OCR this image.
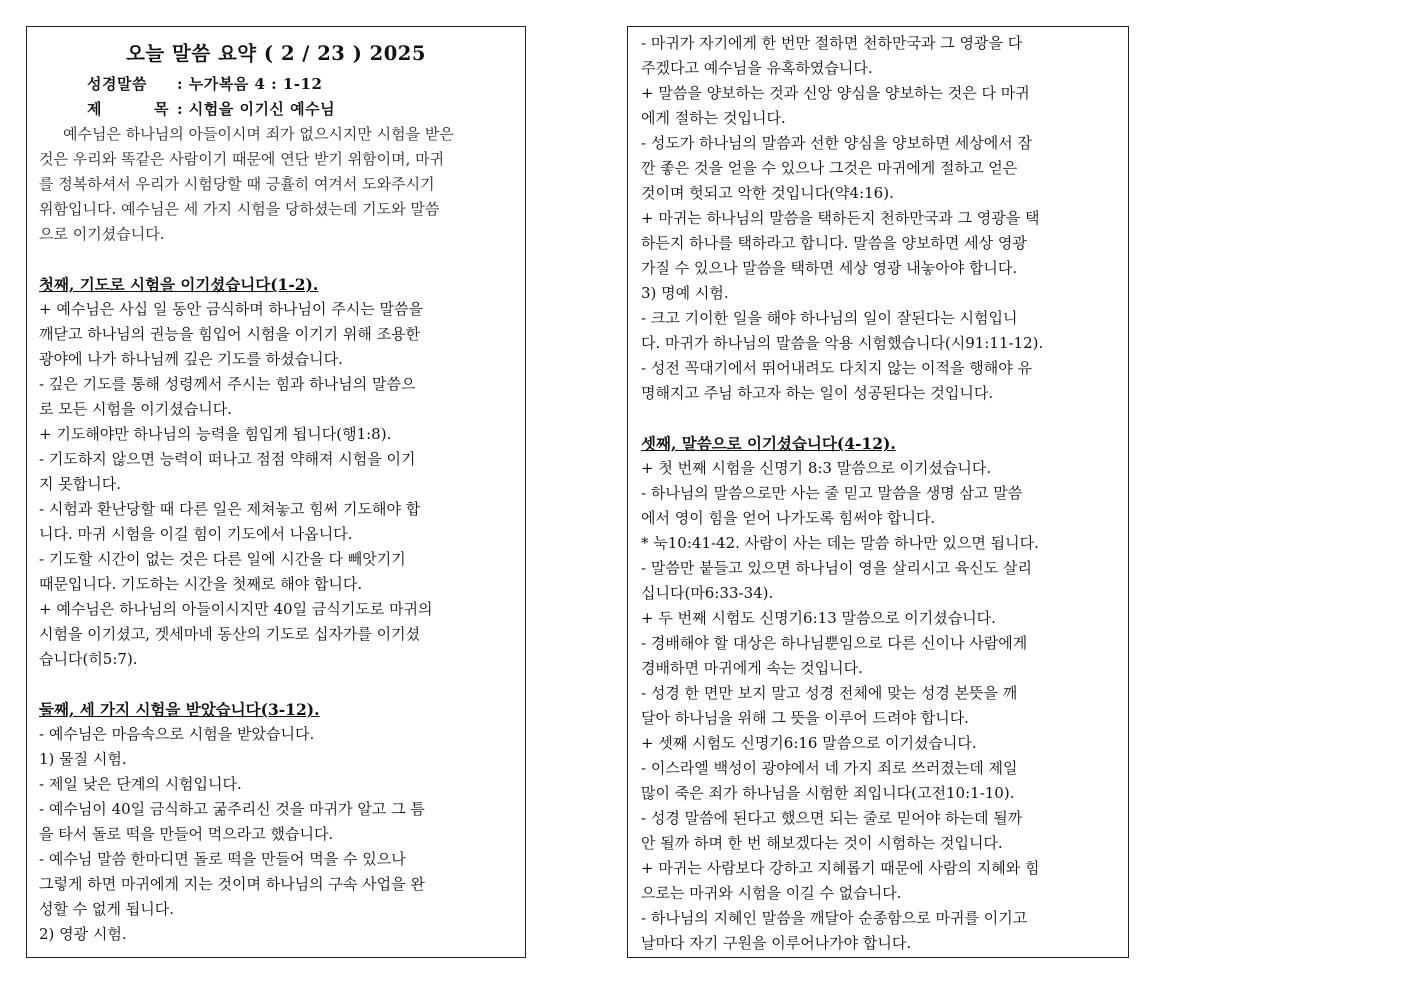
오늘 말씀 요약 ( 2 / 23 ) 2025
성경말씀 : 누가복음 4 : 1-12
제 목 : 시험을 이기신 예수님
예수님은 하나님의 아들이시며 죄가 없으시지만 시험을 받은
것은 우리와 똑같은 사람이기 때문에 연단 받기 위함이며, 마귀
를 정복하셔서 우리가 시험당할 때 긍휼히 여겨서 도와주시기
위함입니다. 예수님은 세 가지 시험을 당하셨는데 기도와 말씀
으로 이기셨습니다.
첫째, 기도로 시험을 이기셨습니다(1-2).
+ 예수님은 사십 일 동안 금식하며 하나님이 주시는 말씀을
깨닫고 하나님의 권능을 힘입어 시험을 이기기 위해 조용한
광야에 나가 하나님께 깊은 기도를 하셨습니다.
- 깊은 기도를 통해 성령께서 주시는 힘과 하나님의 말씀으
로 모든 시험을 이기셨습니다.
+ 기도해야만 하나님의 능력을 힘입게 됩니다(행1:8).
- 기도하지 않으면 능력이 떠나고 점점 약해져 시험을 이기
지 못합니다.
- 시험과 환난당할 때 다른 일은 제쳐놓고 힘써 기도해야 합
니다. 마귀 시험을 이길 힘이 기도에서 나옵니다.
- 기도할 시간이 없는 것은 다른 일에 시간을 다 빼앗기기
때문입니다. 기도하는 시간을 첫째로 해야 합니다.
+ 예수님은 하나님의 아들이시지만 40일 금식기도로 마귀의
시험을 이기셨고, 겟세마네 동산의 기도로 십자가를 이기셨
습니다(히5:7).
둘째, 세 가지 시험을 받았습니다(3-12).
- 예수님은 마음속으로 시험을 받았습니다.
1) 물질 시험.
- 제일 낮은 단계의 시험입니다.
- 예수님이 40일 금식하고 굶주리신 것을 마귀가 알고 그 틈
을 타서 돌로 떡을 만들어 먹으라고 했습니다.
- 예수님 말씀 한마디면 돌로 떡을 만들어 먹을 수 있으나
그렇게 하면 마귀에게 지는 것이며 하나님의 구속 사업을 완
성할 수 없게 됩니다.
2) 영광 시험.
- 마귀가 자기에게 한 번만 절하면 천하만국과 그 영광을 다
주겠다고 예수님을 유혹하였습니다.
+ 말씀을 양보하는 것과 신앙 양심을 양보하는 것은 다 마귀
에게 절하는 것입니다.
- 성도가 하나님의 말씀과 선한 양심을 양보하면 세상에서 잠
깐 좋은 것을 얻을 수 있으나 그것은 마귀에게 절하고 얻은
것이며 헛되고 악한 것입니다(약4:16).
+ 마귀는 하나님의 말씀을 택하든지 천하만국과 그 영광을 택
하든지 하나를 택하라고 합니다. 말씀을 양보하면 세상 영광
가질 수 있으나 말씀을 택하면 세상 영광 내놓아야 합니다.
3) 명예 시험.
- 크고 기이한 일을 해야 하나님의 일이 잘된다는 시험입니
다. 마귀가 하나님의 말씀을 악용 시험했습니다(시91:11-12).
- 성전 꼭대기에서 뛰어내려도 다치지 않는 이적을 행해야 유
명해지고 주님 하고자 하는 일이 성공된다는 것입니다.
셋째, 말씀으로 이기셨습니다(4-12).
+ 첫 번째 시험을 신명기 8:3 말씀으로 이기셨습니다.
- 하나님의 말씀으로만 사는 줄 믿고 말씀을 생명 삼고 말씀
에서 영이 힘을 얻어 나가도록 힘써야 합니다.
* 눅10:41-42. 사람이 사는 데는 말씀 하나만 있으면 됩니다.
- 말씀만 붙들고 있으면 하나님이 영을 살리시고 육신도 살리
십니다(마6:33-34).
+ 두 번째 시험도 신명기6:13 말씀으로 이기셨습니다.
- 경배해야 할 대상은 하나님뿐임으로 다른 신이나 사람에게
경배하면 마귀에게 속는 것입니다.
- 성경 한 면만 보지 말고 성경 전체에 맞는 성경 본뜻을 깨
달아 하나님을 위해 그 뜻을 이루어 드려야 합니다.
+ 셋째 시험도 신명기6:16 말씀으로 이기셨습니다.
- 이스라엘 백성이 광야에서 네 가지 죄로 쓰러졌는데 제일
많이 죽은 죄가 하나님을 시험한 죄입니다(고전10:1-10).
- 성경 말씀에 된다고 했으면 되는 줄로 믿어야 하는데 될까
안 될까 하며 한 번 해보겠다는 것이 시험하는 것입니다.
+ 마귀는 사람보다 강하고 지혜롭기 때문에 사람의 지혜와 힘
으로는 마귀와 시험을 이길 수 없습니다.
- 하나님의 지혜인 말씀을 깨달아 순종함으로 마귀를 이기고
날마다 자기 구원을 이루어나가야 합니다.
